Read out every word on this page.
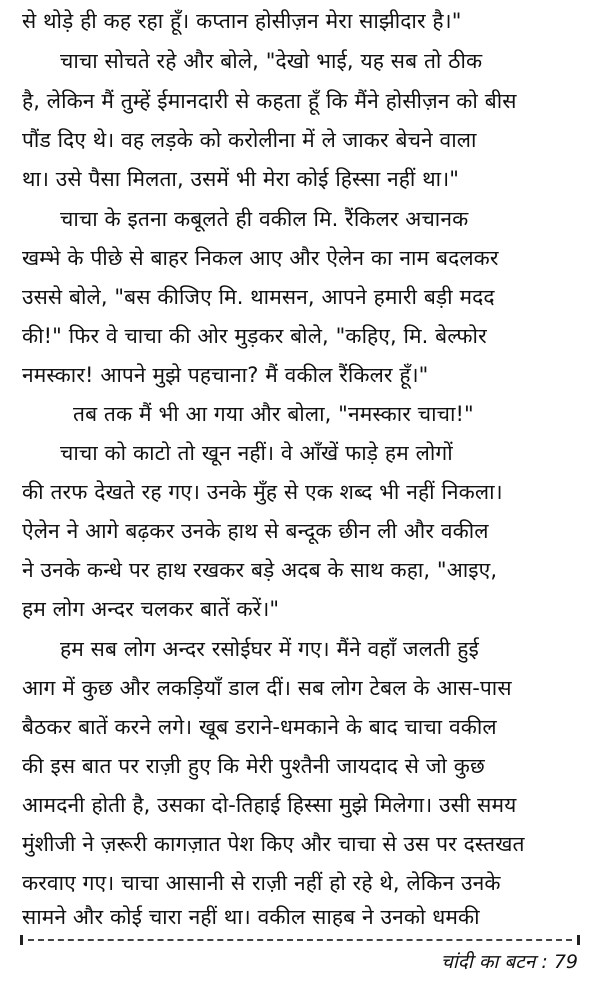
से थोड़े ही कह रहा हूँ। कप्तान होसीज़न मेरा साझीदार है।"
चाचा सोचते रहे और बोले, "देखो भाई, यह सब तो ठीक
है, लेकिन मैं तुम्हें ईमानदारी से कहता हूँ कि मैंने होसीज़न को बीस
पौंड दिए थे। वह लड़के को करोलीना में ले जाकर बेचने वाला
था। उसे पैसा मिलता, उसमें भी मेरा कोई हिस्सा नहीं था।"
चाचा के इतना कबूलते ही वकील मि. रैंकिलर अचानक
खम्भे के पीछे से बाहर निकल आए और ऐलेन का नाम बदलकर
उससे बोले, "बस कीजिए मि. थामसन, आपने हमारी बड़ी मदद
की!" फिर वे चाचा की ओर मुड़कर बोले, "कहिए, मि. बेल्फोर
नमस्कार! आपने मुझे पहचाना? मैं वकील रैंकिलर हूँ।"
तब तक मैं भी आ गया और बोला, "नमस्कार चाचा!"
चाचा को काटो तो खून नहीं। वे आँखें फाड़े हम लोगों
की तरफ देखते रह गए। उनके मुँह से एक शब्द भी नहीं निकला।
ऐलेन ने आगे बढ़कर उनके हाथ से बन्दूक छीन ली और वकील
ने उनके कन्धे पर हाथ रखकर बड़े अदब के साथ कहा, "आइए,
हम लोग अन्दर चलकर बातें करें।"
हम सब लोग अन्दर रसोईघर में गए। मैंने वहाँ जलती हुई
आग में कुछ और लकड़ियाँ डाल दीं। सब लोग टेबल के आस-पास
बैठकर बातें करने लगे। खूब डराने-धमकाने के बाद चाचा वकील
की इस बात पर राज़ी हुए कि मेरी पुश्तैनी जायदाद से जो कुछ
आमदनी होती है, उसका दो-तिहाई हिस्सा मुझे मिलेगा। उसी समय
मुंशीजी ने ज़रूरी कागज़ात पेश किए और चाचा से उस पर दस्तखत
करवाए गए। चाचा आसानी से राज़ी नहीं हो रहे थे, लेकिन उनके
सामने और कोई चारा नहीं था। वकील साहब ने उनको धमकी
चांदी का बटन : 79
